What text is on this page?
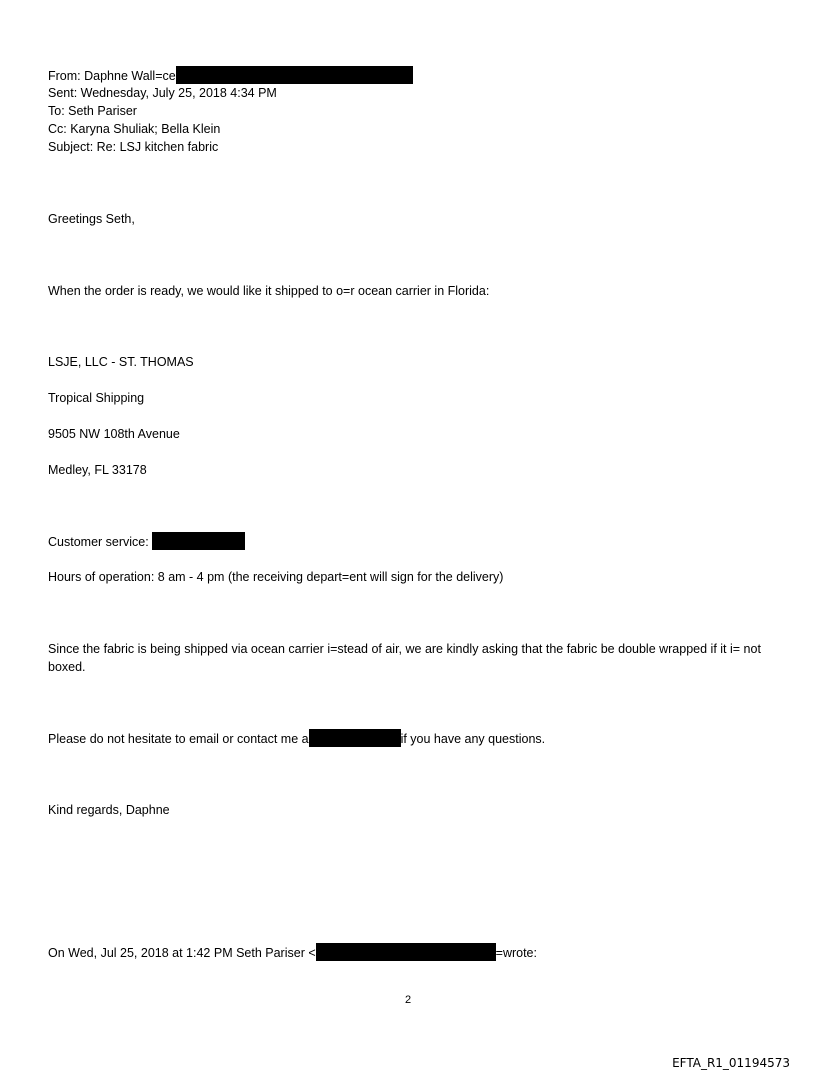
From: Daphne Wall=ce
Sent: Wednesday, July 25, 2018 4:34 PM
To: Seth Pariser
Cc: Karyna Shuliak; Bella Klein
Subject: Re: LSJ kitchen fabric
Greetings Seth,
When the order is ready, we would like it shipped to o=r ocean carrier in Florida:
LSJE, LLC - ST. THOMAS
Tropical Shipping
9505 NW 108th Avenue
Medley, FL 33178
Customer service:
Hours of operation: 8 am - 4 pm (the receiving depart=ent will sign for the delivery)
Since the fabric is being shipped via ocean carrier i=stead of air, we are kindly asking that the fabric be double wrapped if it i= not boxed.
Please do not hesitate to email or contact me a	if you have any questions.
Kind regards, Daphne
On Wed, Jul 25, 2018 at 1:42 PM Seth Pariser <	=wrote:
2
EFTA_R1_01194573
